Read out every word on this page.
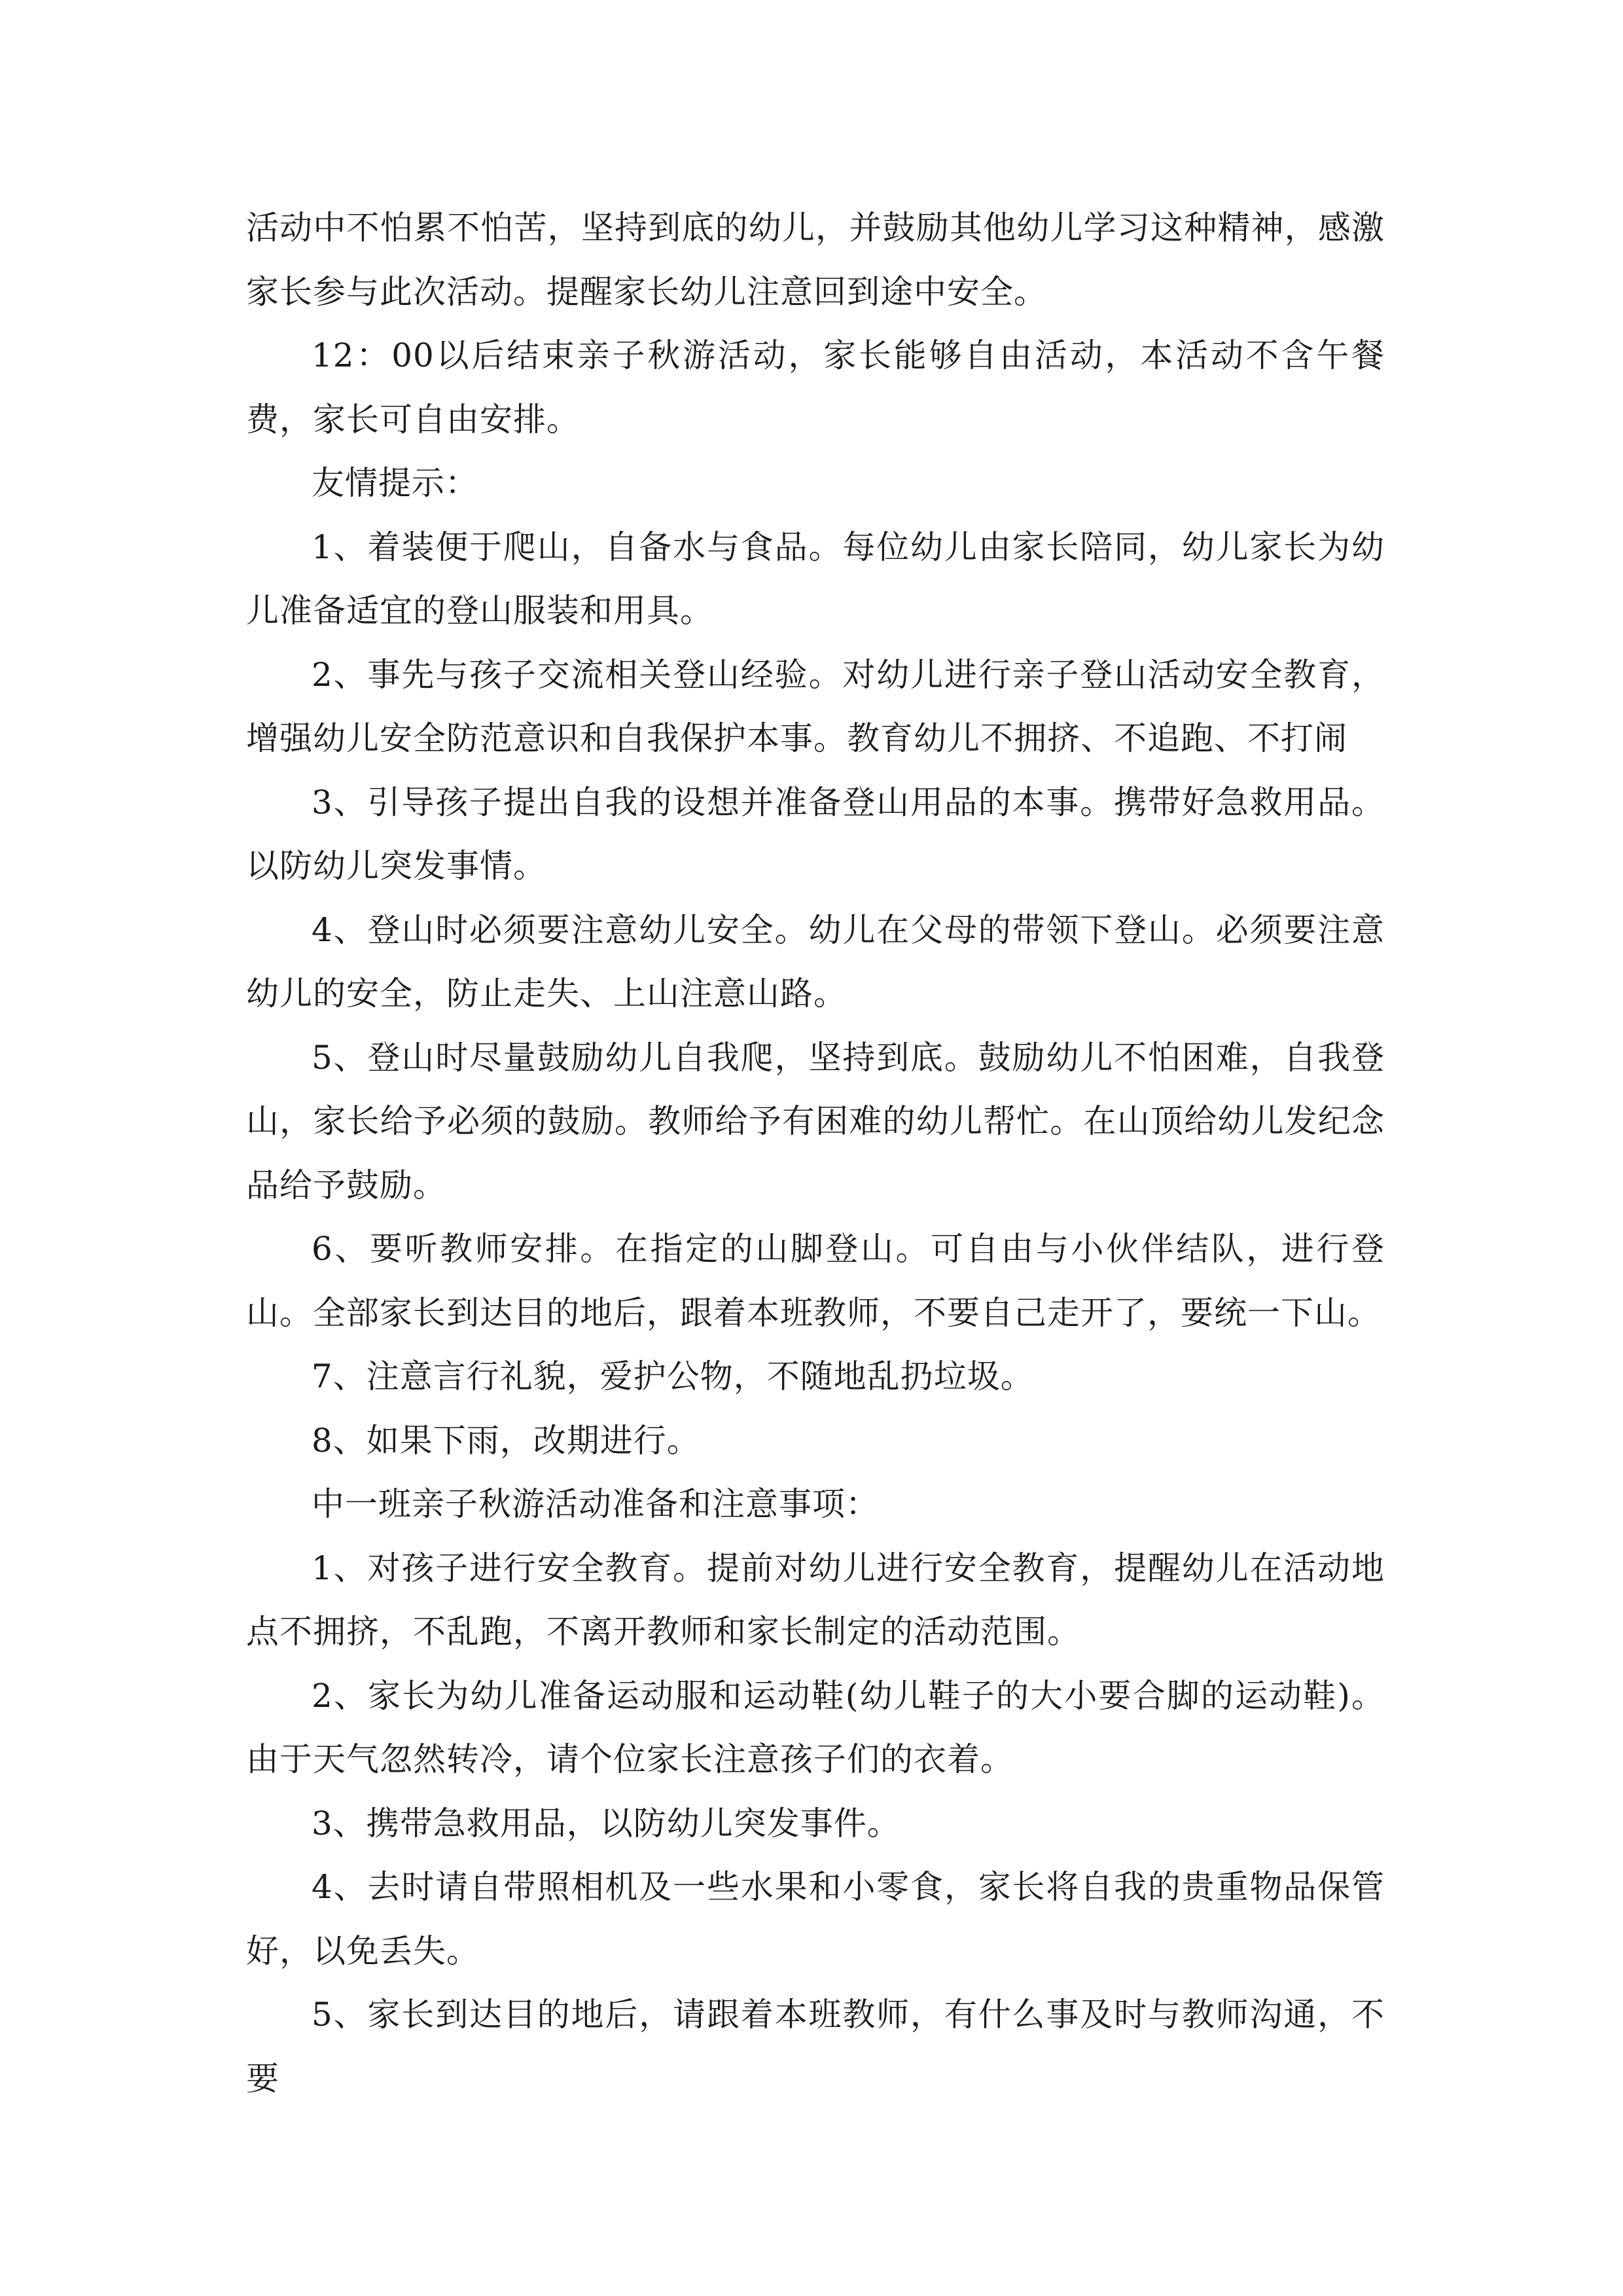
活动中不怕累不怕苦，坚持到底的幼儿，并鼓励其他幼儿学习这种精神，感激家长参与此次活动。提醒家长幼儿注意回到途中安全。

12：00以后结束亲子秋游活动，家长能够自由活动，本活动不含午餐费，家长可自由安排。

友情提示：

1、着装便于爬山，自备水与食品。每位幼儿由家长陪同，幼儿家长为幼儿准备适宜的登山服装和用具。

2、事先与孩子交流相关登山经验。对幼儿进行亲子登山活动安全教育，增强幼儿安全防范意识和自我保护本事。教育幼儿不拥挤、不追跑、不打闹

3、引导孩子提出自我的设想并准备登山用品的本事。携带好急救用品。以防幼儿突发事情。

4、登山时必须要注意幼儿安全。幼儿在父母的带领下登山。必须要注意幼儿的安全，防止走失、上山注意山路。

5、登山时尽量鼓励幼儿自我爬，坚持到底。鼓励幼儿不怕困难，自我登山，家长给予必须的鼓励。教师给予有困难的幼儿帮忙。在山顶给幼儿发纪念品给予鼓励。

6、要听教师安排。在指定的山脚登山。可自由与小伙伴结队，进行登山。全部家长到达目的地后，跟着本班教师，不要自己走开了，要统一下山。

7、注意言行礼貌，爱护公物，不随地乱扔垃圾。

8、如果下雨，改期进行。

中一班亲子秋游活动准备和注意事项：

1、对孩子进行安全教育。提前对幼儿进行安全教育，提醒幼儿在活动地点不拥挤，不乱跑，不离开教师和家长制定的活动范围。

2、家长为幼儿准备运动服和运动鞋(幼儿鞋子的大小要合脚的运动鞋)。由于天气忽然转冷，请个位家长注意孩子们的衣着。

3、携带急救用品，以防幼儿突发事件。

4、去时请自带照相机及一些水果和小零食，家长将自我的贵重物品保管好，以免丢失。

5、家长到达目的地后，请跟着本班教师，有什么事及时与教师沟通，不要
